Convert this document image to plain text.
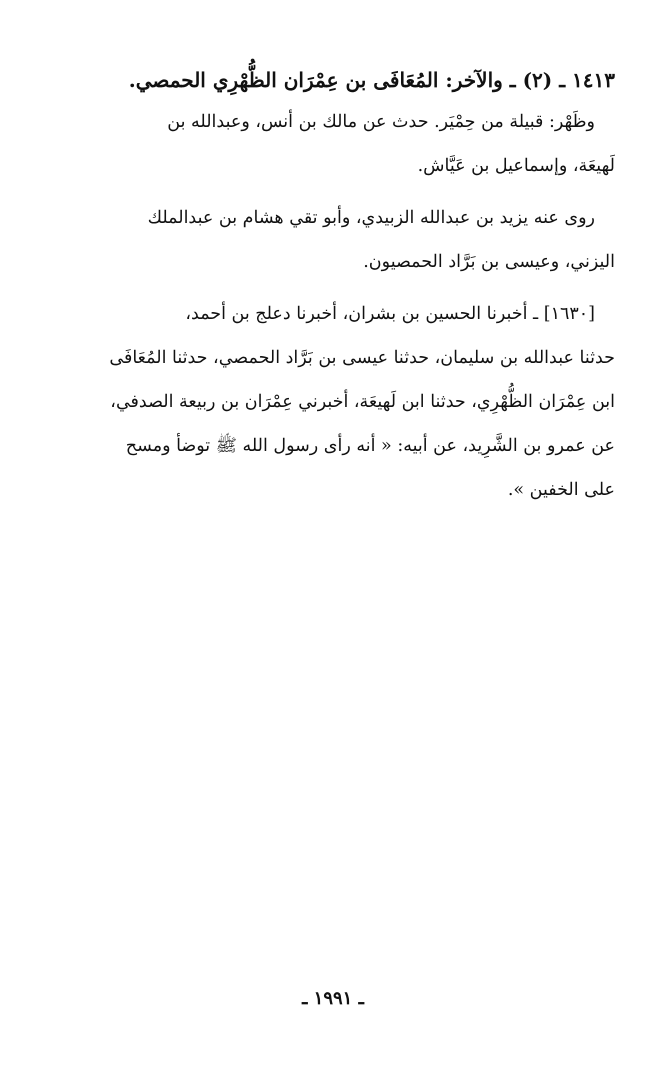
١٤١٣ ـ (٢) ـ والآخر: المُعَافَى بن عِمْرَان الظُّهْرِي الحمصي.

وظَهْر: قبيلة من حِمْيَر. حدث عن مالك بن أنس، وعبدالله بن
لَهيعَة، وإسماعيل بن عَيَّاش.

روى عنه يزيد بن عبدالله الزبيدي، وأبو تقي هشام بن عبدالملك
اليزني، وعيسى بن بَرَّاد الحمصيون.

[١٦٣٠] ـ أخبرنا الحسين بن بشران، أخبرنا دعلج بن أحمد،
حدثنا عبدالله بن سليمان، حدثنا عيسى بن بَرَّاد الحمصي، حدثنا المُعَافَى
ابن عِمْرَان الظُّهْرِي، حدثنا ابن لَهيعَة، أخبرني عِمْرَان بن ربيعة الصدفي،
عن عمرو بن الشَّرِيد، عن أبيه: « أنه رأى رسول الله ﷺ توضأ ومسح
على الخفين ».

ـ ١٩٩١ ـ
